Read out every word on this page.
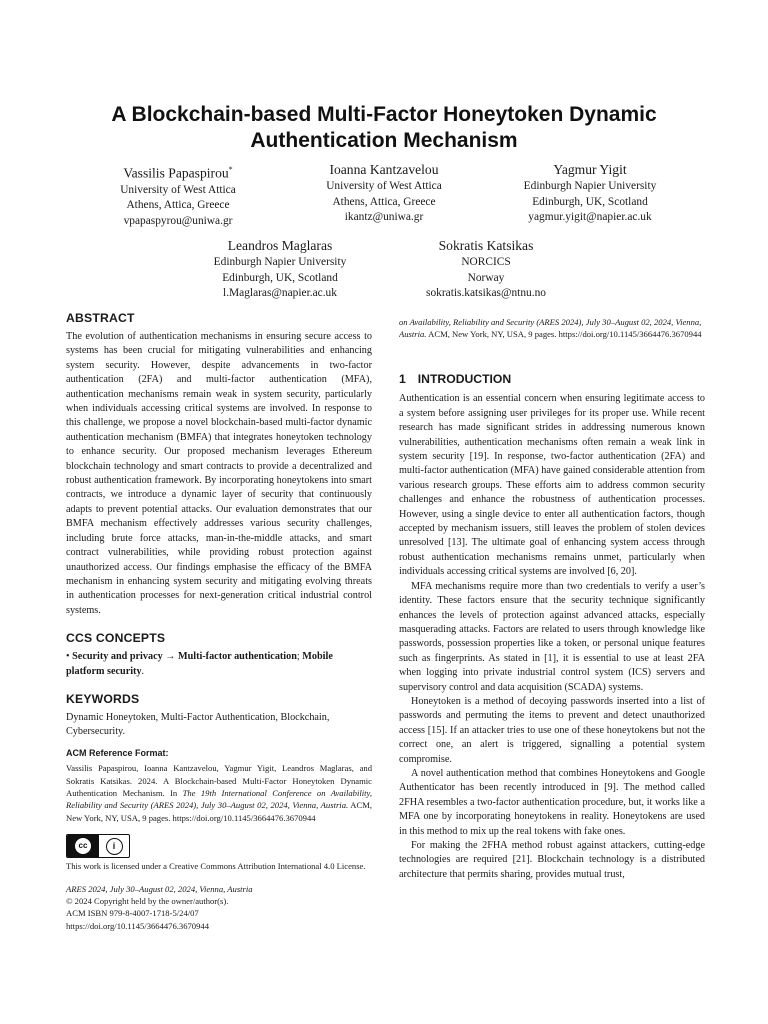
A Blockchain-based Multi-Factor Honeytoken Dynamic
Authentication Mechanism
Vassilis Papaspirou*
University of West Attica
Athens, Attica, Greece
vpapaspyrou@uniwa.gr
Ioanna Kantzavelou
University of West Attica
Athens, Attica, Greece
ikantz@uniwa.gr
Yagmur Yigit
Edinburgh Napier University
Edinburgh, UK, Scotland
yagmur.yigit@napier.ac.uk
Leandros Maglaras
Edinburgh Napier University
Edinburgh, UK, Scotland
l.Maglaras@napier.ac.uk
Sokratis Katsikas
NORCICS
Norway
sokratis.katsikas@ntnu.no
ABSTRACT

The evolution of authentication mechanisms in ensuring secure access to systems has been crucial for mitigating vulnerabilities and enhancing system security. However, despite advancements in two-factor authentication (2FA) and multi-factor authentication (MFA), authentication mechanisms remain weak in system security, particularly when individuals accessing critical systems are involved. In response to this challenge, we propose a novel blockchain-based multi-factor dynamic authentication mechanism (BMFA) that integrates honeytoken technology to enhance security. Our proposed mechanism leverages Ethereum blockchain technology and smart contracts to provide a decentralized and robust authentication framework. By incorporating honeytokens into smart contracts, we introduce a dynamic layer of security that continuously adapts to prevent potential attacks. Our evaluation demonstrates that our BMFA mechanism effectively addresses various security challenges, including brute force attacks, man-in-the-middle attacks, and smart contract vulnerabilities, while providing robust protection against unauthorized access. Our findings emphasise the efficacy of the BMFA mechanism in enhancing system security and mitigating evolving threats in authentication processes for next-generation critical industrial control systems.

CCS CONCEPTS

• Security and privacy → Multi-factor authentication; Mobile platform security.

KEYWORDS

Dynamic Honeytoken, Multi-Factor Authentication, Blockchain, Cybersecurity.

ACM Reference Format:

Vassilis Papaspirou, Ioanna Kantzavelou, Yagmur Yigit, Leandros Maglaras, and Sokratis Katsikas. 2024. A Blockchain-based Multi-Factor Honeytoken Dynamic Authentication Mechanism. In The 19th International Conference on Availability, Reliability and Security (ARES 2024), July 30–August 02, 2024, Vienna, Austria. ACM, New York, NY, USA, 9 pages. https://doi.org/10.1145/3664476.3670944

cc	i

This work is licensed under a Creative Commons Attribution International 4.0 License.

ARES 2024, July 30–August 02, 2024, Vienna, Austria

© 2024 Copyright held by the owner/author(s).

ACM ISBN 979-8-4007-1718-5/24/07

https://doi.org/10.1145/3664476.3670944

on Availability, Reliability and Security (ARES 2024), July 30–August 02, 2024, Vienna, Austria. ACM, New York, NY, USA, 9 pages. https://doi.org/10.1145/3664476.3670944
1 INTRODUCTION

Authentication is an essential concern when ensuring legitimate access to a system before assigning user privileges for its proper use. While recent research has made significant strides in addressing numerous known vulnerabilities, authentication mechanisms often remain a weak link in system security [19]. In response, two-factor authentication (2FA) and multi-factor authentication (MFA) have gained considerable attention from various research groups. These efforts aim to address common security challenges and enhance the robustness of authentication processes. However, using a single device to enter all authentication factors, though accepted by mechanism issuers, still leaves the problem of stolen devices unresolved [13]. The ultimate goal of enhancing system access through robust authentication mechanisms remains unmet, particularly when individuals accessing critical systems are involved [6, 20].

MFA mechanisms require more than two credentials to verify a user’s identity. These factors ensure that the security technique significantly enhances the levels of protection against advanced attacks, especially masquerading attacks. Factors are related to users through knowledge like passwords, possession properties like a token, or personal unique features such as fingerprints. As stated in [1], it is essential to use at least 2FA when logging into private industrial control system (ICS) servers and supervisory control and data acquisition (SCADA) systems.

Honeytoken is a method of decoying passwords inserted into a list of passwords and permuting the items to prevent and detect unauthorized access [15]. If an attacker tries to use one of these honeytokens but not the correct one, an alert is triggered, signalling a potential system compromise.

A novel authentication method that combines Honeytokens and Google Authenticator has been recently introduced in [9]. The method called 2FHA resembles a two-factor authentication procedure, but, it works like a MFA one by incorporating honeytokens in reality. Honeytokens are used in this method to mix up the real tokens with fake ones.

For making the 2FHA method robust against attackers, cutting-edge technologies are required [21]. Blockchain technology is a distributed architecture that permits sharing, provides mutual trust,
